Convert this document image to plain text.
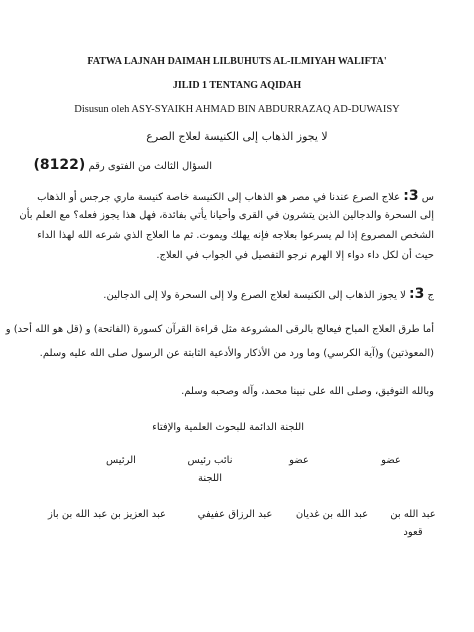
FATWA LAJNAH DAIMAH LILBUHUTS AL-ILMIYAH WALIFTA'
JILID 1 TENTANG AQIDAH
Disusun oleh ASY-SYAIKH AHMAD BIN ABDURRAZAQ AD-DUWAISY
لا يجوز الذهاب إلى الكنيسة لعلاج الصرع
السؤال الثالث من الفتوى رقم (8122)
س 3: علاج الصرع عندنا في مصر هو الذهاب إلى الكنيسة خاصة كنيسة ماري جرجس أو الذهاب
إلى السحرة والدجالين الذين يتشرون في القرى وأحيانا يأتي بفائدة، فهل هذا يجوز فعله؟ مع العلم بأن
الشخص المصروع إذا لم يسرعوا بعلاجه فإنه يهلك ويموت. ثم ما العلاج الذي شرعه الله لهذا الداء
حيث أن لكل داء دواء إلا الهرم نرجو التفصيل في الجواب في العلاج.
ج 3: لا يجوز الذهاب إلى الكنيسة لعلاج الصرع ولا إلى السحرة ولا إلى الدجالين.
أما طرق العلاج المباح فيعالج بالرقى المشروعة مثل قراءة القرآن كسورة (الفاتحة) و (قل هو الله أحد) و
(المعوذتين) و(آية الكرسي) وما ورد من الأذكار والأدعية الثابتة عن الرسول صلى الله عليه وسلم.
وبالله التوفيق، وصلى الله على نبينا محمد، وآله وصحبه وسلم.
اللجنة الدائمة للبحوث العلمية والإفتاء
عضو
عضو
نائب رئيس اللجنة
الرئيس
عبد الله بن قعود
عبد الله بن غديان
عبد الرزاق عفيفي
عبد العزيز بن عبد الله بن باز
